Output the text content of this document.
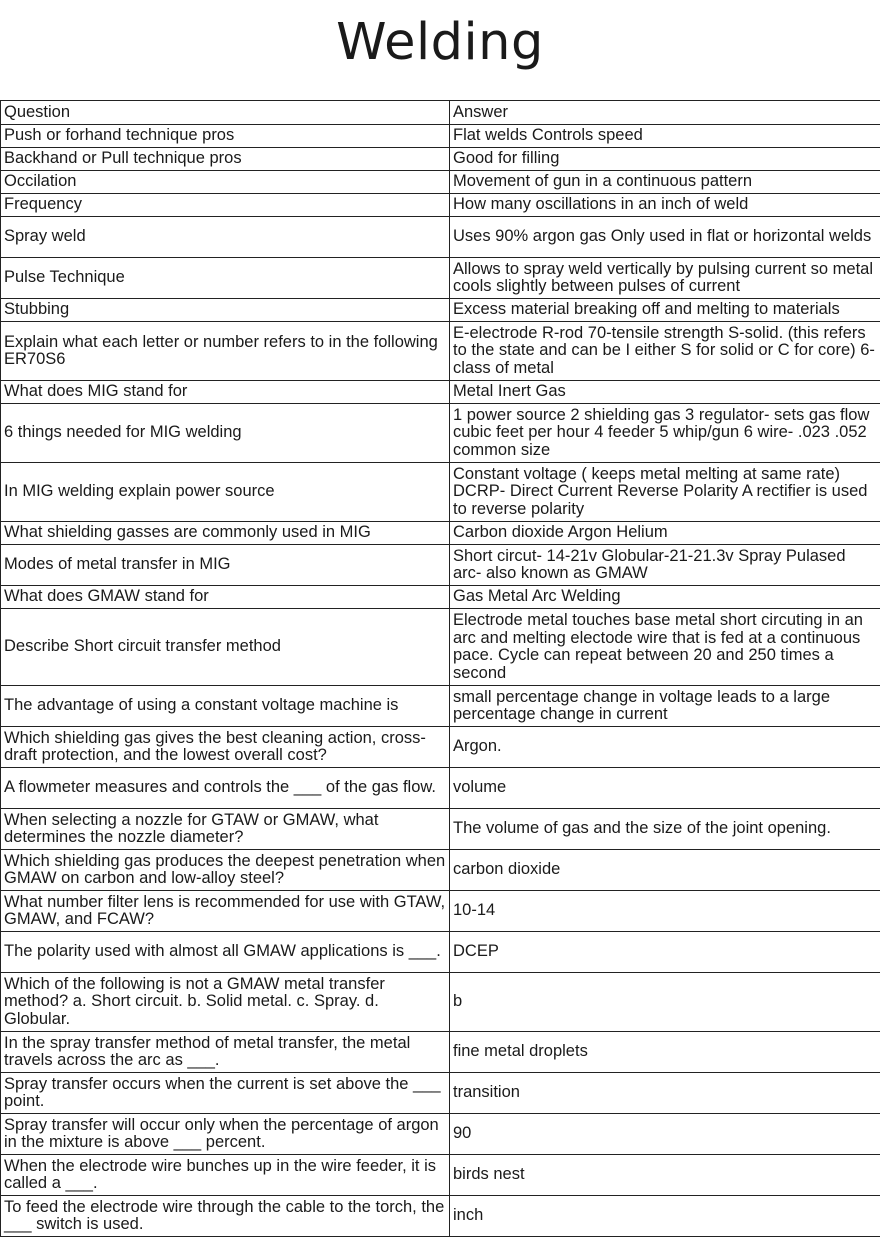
Welding
Question	Answer
Push or forhand technique pros	Flat welds Controls speed
Backhand or Pull technique pros	Good for filling
Occilation	Movement of gun in a continuous pattern
Frequency	How many oscillations in an inch of weld
Spray weld	Uses 90% argon gas Only used in flat or horizontal welds
Pulse Technique	Allows to spray weld vertically by pulsing current so metal cools slightly between pulses of current
Stubbing	Excess material breaking off and melting to materials
Explain what each letter or number refers to in the following ER70S6	E-electrode R-rod 70-tensile strength S-solid. (this refers to the state and can be I either S for solid or C for core) 6- class of metal
What does MIG stand for	Metal Inert Gas
6 things needed for MIG welding	1 power source 2 shielding gas 3 regulator- sets gas flow cubic feet per hour 4 feeder 5 whip/gun 6 wire- .023 .052 common size
In MIG welding explain power source	Constant voltage ( keeps metal melting at same rate) DCRP- Direct Current Reverse Polarity A rectifier is used to reverse polarity
What shielding gasses are commonly used in MIG	Carbon dioxide Argon Helium
Modes of metal transfer in MIG	Short circut- 14-21v Globular-21-21.3v Spray Pulased arc- also known as GMAW
What does GMAW stand for	Gas Metal Arc Welding
Describe Short circuit transfer method	Electrode metal touches base metal short circuting in an arc and melting electode wire that is fed at a continuous pace. Cycle can repeat between 20 and 250 times a second
The advantage of using a constant voltage machine is	small percentage change in voltage leads to a large percentage change in current
Which shielding gas gives the best cleaning action, cross-draft protection, and the lowest overall cost?	Argon.
A flowmeter measures and controls the ___ of the gas flow.	volume
When selecting a nozzle for GTAW or GMAW, what determines the nozzle diameter?	The volume of gas and the size of the joint opening.
Which shielding gas produces the deepest penetration when GMAW on carbon and low-alloy steel?	carbon dioxide
What number filter lens is recommended for use with GTAW, GMAW, and FCAW?	10-14
The polarity used with almost all GMAW applications is ___.	DCEP
Which of the following is not a GMAW metal transfer method? a. Short circuit. b. Solid metal. c. Spray. d. Globular.	b
In the spray transfer method of metal transfer, the metal travels across the arc as ___.	fine metal droplets
Spray transfer occurs when the current is set above the ___ point.	transition
Spray transfer will occur only when the percentage of argon in the mixture is above ___ percent.	90
When the electrode wire bunches up in the wire feeder, it is called a ___.	birds nest
To feed the electrode wire through the cable to the torch, the ___ switch is used.	inch
